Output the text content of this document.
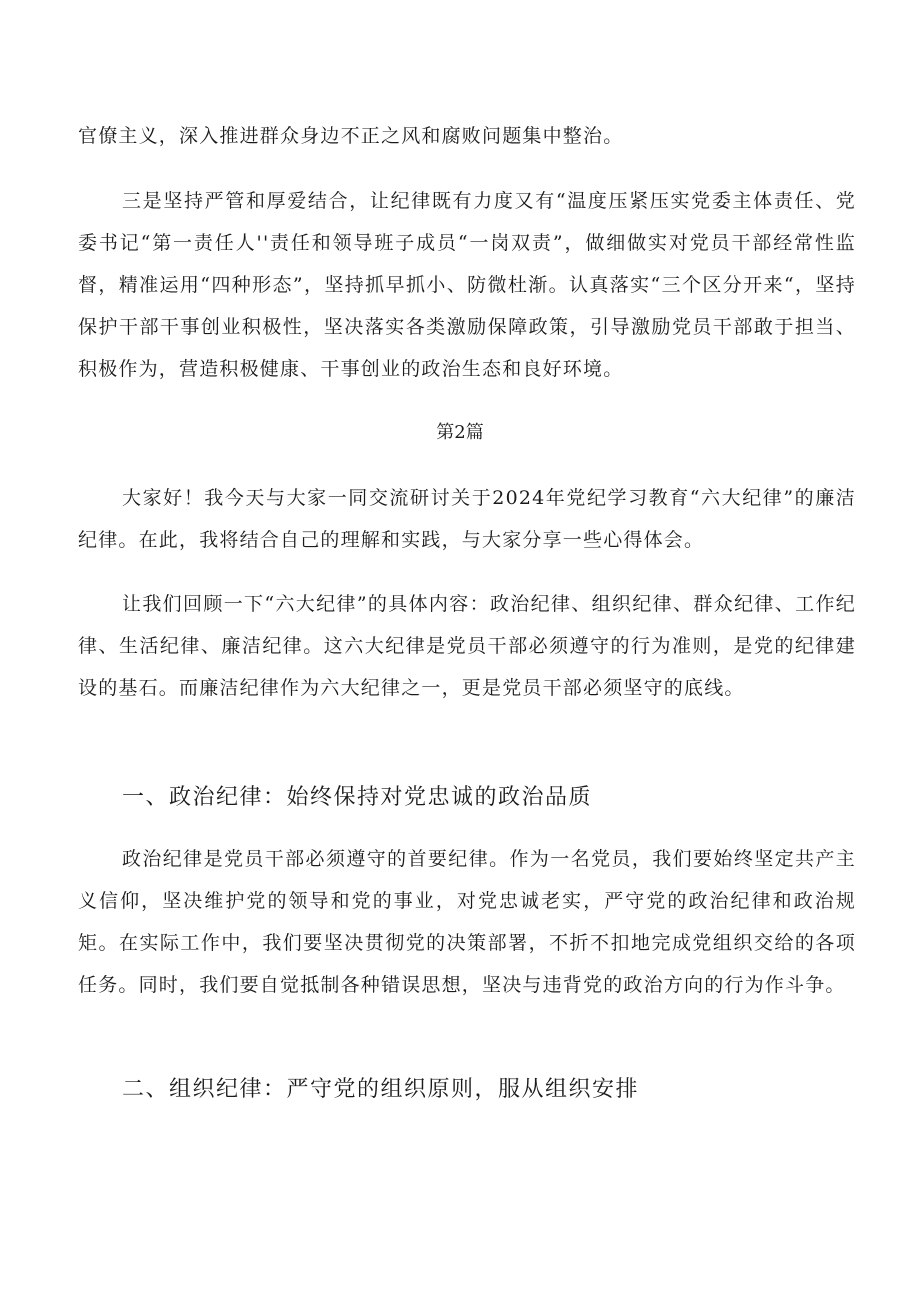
官僚主义，深入推进群众身边不正之风和腐败问题集中整治。

三是坚持严管和厚爱结合，让纪律既有力度又有“温度压紧压实党委主体责任、党委书记“第一责任人''责任和领导班子成员“一岗双责”，做细做实对党员干部经常性监督，精准运用“四种形态”，坚持抓早抓小、防微杜渐。认真落实“三个区分开来“，坚持保护干部干事创业积极性，坚决落实各类激励保障政策，引导激励党员干部敢于担当、积极作为，营造积极健康、干事创业的政治生态和良好环境。

第2篇

大家好！我今天与大家一同交流研讨关于2024年党纪学习教育“六大纪律”的廉洁纪律。在此，我将结合自己的理解和实践，与大家分享一些心得体会。

让我们回顾一下“六大纪律”的具体内容：政治纪律、组织纪律、群众纪律、工作纪律、生活纪律、廉洁纪律。这六大纪律是党员干部必须遵守的行为准则，是党的纪律建设的基石。而廉洁纪律作为六大纪律之一，更是党员干部必须坚守的底线。

一、政治纪律：始终保持对党忠诚的政治品质

政治纪律是党员干部必须遵守的首要纪律。作为一名党员，我们要始终坚定共产主义信仰，坚决维护党的领导和党的事业，对党忠诚老实，严守党的政治纪律和政治规矩。在实际工作中，我们要坚决贯彻党的决策部署，不折不扣地完成党组织交给的各项任务。同时，我们要自觉抵制各种错误思想，坚决与违背党的政治方向的行为作斗争。

二、组织纪律：严守党的组织原则，服从组织安排
